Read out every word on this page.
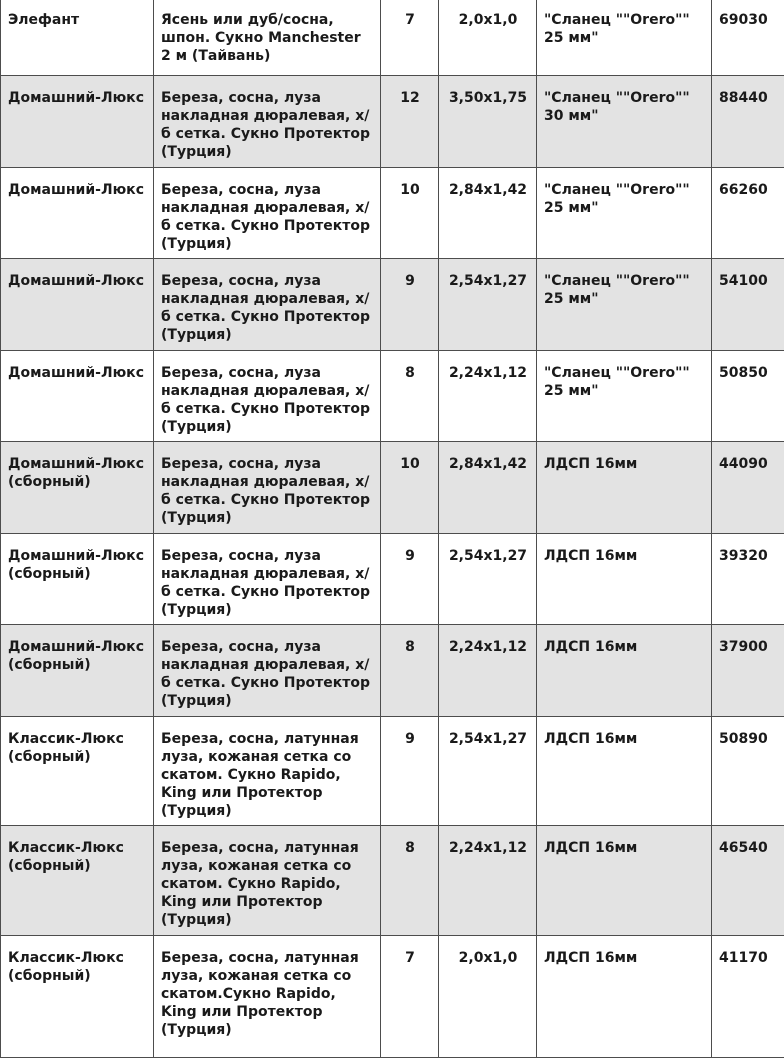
Элефант	Ясень или дуб/сосна, шпон. Сукно Manchester 2 м (Тайвань)	7	2,0x1,0	"Сланец ""Orero"" 25 мм"	69030
Домашний-Люкс	Береза, сосна, луза накладная дюралевая, х/б сетка. Сукно Протектор (Турция)	12	3,50x1,75	"Сланец ""Orero"" 30 мм"	88440
Домашний-Люкс	Береза, сосна, луза накладная дюралевая, х/б сетка. Сукно Протектор (Турция)	10	2,84x1,42	"Сланец ""Orero"" 25 мм"	66260
Домашний-Люкс	Береза, сосна, луза накладная дюралевая, х/б сетка. Сукно Протектор (Турция)	9	2,54x1,27	"Сланец ""Orero"" 25 мм"	54100
Домашний-Люкс	Береза, сосна, луза накладная дюралевая, х/б сетка. Сукно Протектор (Турция)	8	2,24x1,12	"Сланец ""Orero"" 25 мм"	50850
Домашний-Люкс (сборный)	Береза, сосна, луза накладная дюралевая, х/б сетка. Сукно Протектор (Турция)	10	2,84x1,42	ЛДСП 16мм	44090
Домашний-Люкс (сборный)	Береза, сосна, луза накладная дюралевая, х/б сетка. Сукно Протектор (Турция)	9	2,54x1,27	ЛДСП 16мм	39320
Домашний-Люкс (сборный)	Береза, сосна, луза накладная дюралевая, х/б сетка. Сукно Протектор (Турция)	8	2,24x1,12	ЛДСП 16мм	37900
Классик-Люкс (сборный)	Береза, сосна, латунная луза, кожаная сетка со скатом. Сукно Rapido, King или Протектор (Турция)	9	2,54x1,27	ЛДСП 16мм	50890
Классик-Люкс (сборный)	Береза, сосна, латунная луза, кожаная сетка со скатом. Сукно Rapido, King или Протектор (Турция)	8	2,24x1,12	ЛДСП 16мм	46540
Классик-Люкс (сборный)	Береза, сосна, латунная луза, кожаная сетка со скатом.Сукно Rapido, King или Протектор (Турция)	7	2,0x1,0	ЛДСП 16мм	41170
